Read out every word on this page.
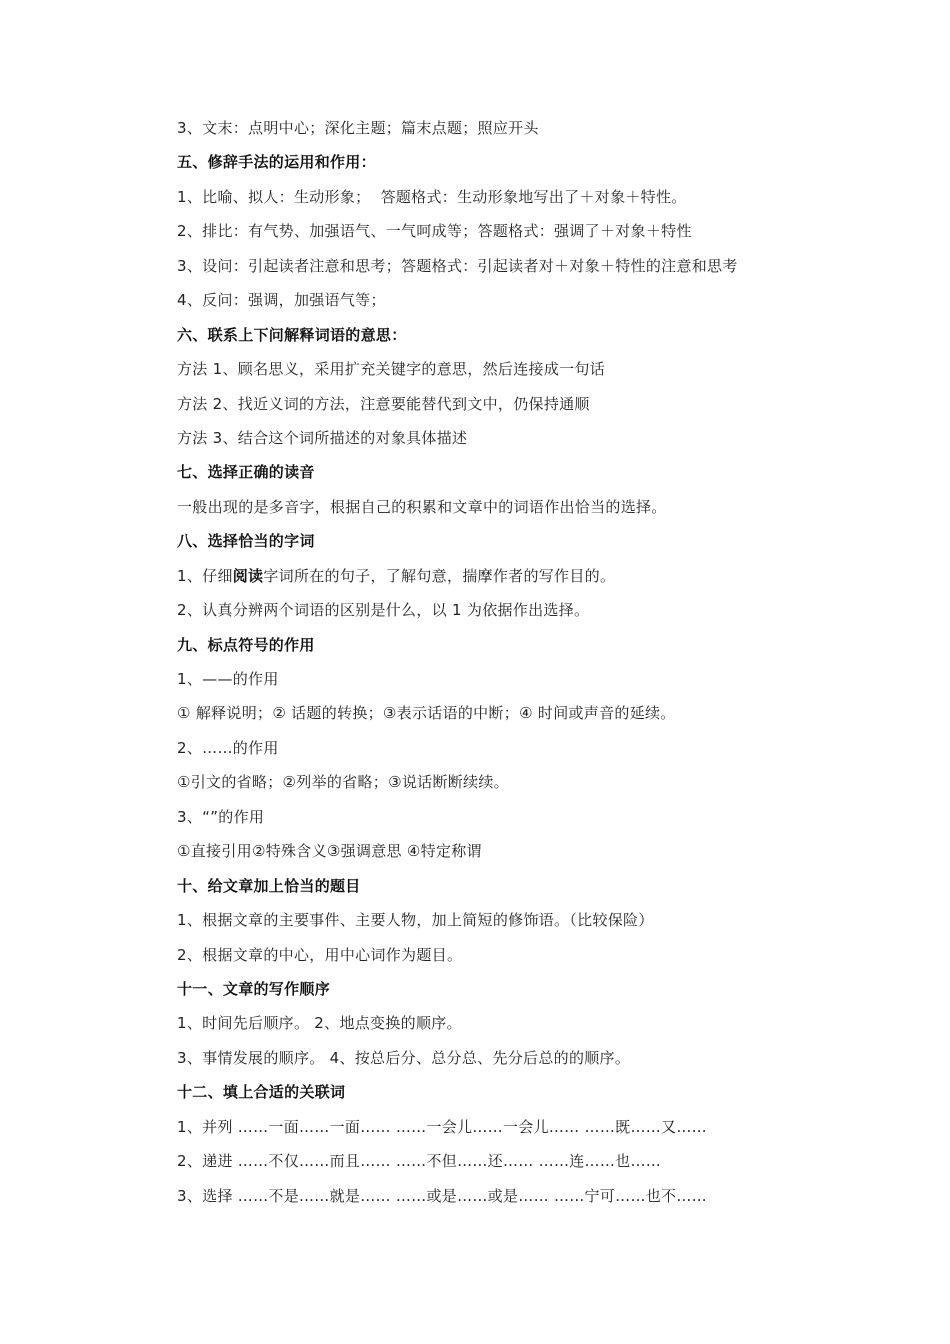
3、文末：点明中心；深化主题；篇末点题；照应开头
五、修辞手法的运用和作用：
1、比喻、拟人：生动形象；  答题格式：生动形象地写出了＋对象＋特性。
2、排比：有气势、加强语气、一气呵成等；答题格式：强调了＋对象＋特性
3、设问：引起读者注意和思考；答题格式：引起读者对＋对象＋特性的注意和思考
4、反问：强调，加强语气等；
六、联系上下问解释词语的意思：
方法 1、顾名思义，采用扩充关键字的意思，然后连接成一句话
方法 2、找近义词的方法，注意要能替代到文中，仍保持通顺
方法 3、结合这个词所描述的对象具体描述
七、选择正确的读音
一般出现的是多音字，根据自己的积累和文章中的词语作出恰当的选择。
八、选择恰当的字词
1、仔细阅读字词所在的句子，了解句意，揣摩作者的写作目的。
2、认真分辨两个词语的区别是什么，以 1 为依据作出选择。
九、标点符号的作用
1、——的作用
① 解释说明；② 话题的转换；③表示话语的中断；④ 时间或声音的延续。
2、……的作用
①引文的省略；②列举的省略；③说话断断续续。
3、“”的作用
①直接引用②特殊含义③强调意思 ④特定称谓
十、给文章加上恰当的题目
1、根据文章的主要事件、主要人物，加上简短的修饰语。（比较保险）
2、根据文章的中心，用中心词作为题目。
十一、文章的写作顺序
1、时间先后顺序。 2、地点变换的顺序。
3、事情发展的顺序。 4、按总后分、总分总、先分后总的的顺序。
十二、填上合适的关联词
1、并列 ……一面……一面…… ……一会儿……一会儿…… ……既……又……
2、递进 ……不仅……而且…… ……不但……还…… ……连……也……
3、选择 ……不是……就是…… ……或是……或是…… ……宁可……也不……
